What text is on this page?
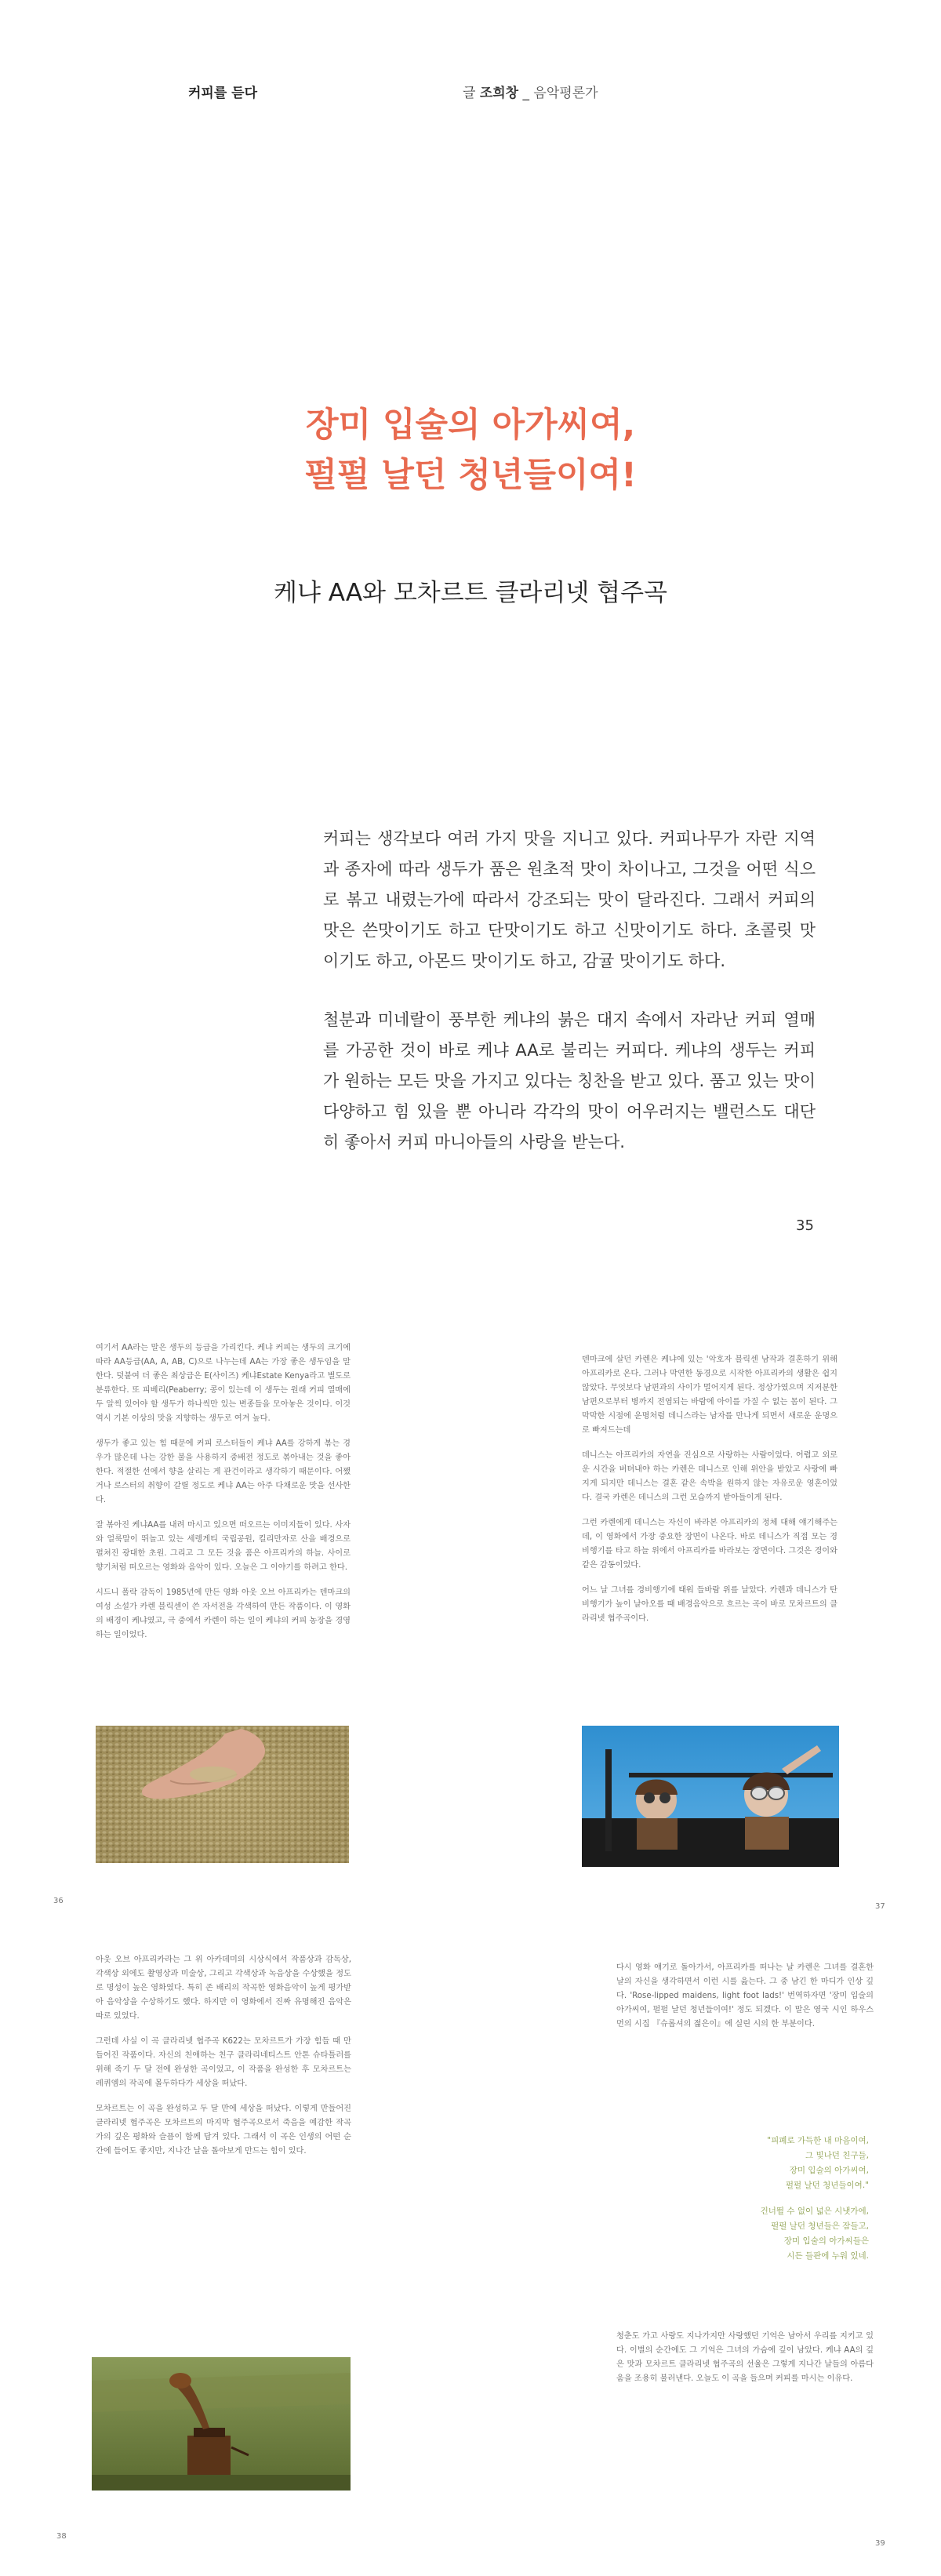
커피를 듣다	글 조희창 _ 음악평론가
장미 입술의 아가씨여,
펄펄 날던 청년들이여!
케냐 AA와 모차르트 클라리넷 협주곡

커피는 생각보다 여러 가지 맛을 지니고 있다. 커피나무가 자란 지역과 종자에 따라 생두가 품은 원초적 맛이 차이나고, 그것을 어떤 식으로 볶고 내렸는가에 따라서 강조되는 맛이 달라진다. 그래서 커피의 맛은 쓴맛이기도 하고 단맛이기도 하고 신맛이기도 하다. 초콜릿 맛이기도 하고, 아몬드 맛이기도 하고, 감귤 맛이기도 하다.

철분과 미네랄이 풍부한 케냐의 붉은 대지 속에서 자라난 커피 열매를 가공한 것이 바로 케냐 AA로 불리는 커피다. 케냐의 생두는 커피가 원하는 모든 맛을 가지고 있다는 칭찬을 받고 있다. 품고 있는 맛이 다양하고 힘 있을 뿐 아니라 각각의 맛이 어우러지는 밸런스도 대단히 좋아서 커피 마니아들의 사랑을 받는다.

35

여기서 AA라는 말은 생두의 등급을 가리킨다. 케냐 커피는 생두의 크기에 따라 AA등급(AA, A, AB, C)으로 나누는데 AA는 가장 좋은 생두임을 말한다. 덧붙여 더 좋은 최상급은 E(사이즈) 케냐Estate Kenya라고 별도로 분류한다. 또 피베리(Peaberry; 콩이 있는데 이 생두는 원래 커피 열매에 두 알씩 있어야 할 생두가 하나씩만 있는 변종들을 모아놓은 것이다. 이것 역시 기본 이상의 맛을 지향하는 생두로 여겨 높다.

생두가 좋고 있는 힘 때문에 커피 로스터들이 케냐 AA를 강하게 볶는 경우가 많은데 나는 강한 불을 사용하지 중배전 정도로 볶아내는 것을 좋아한다. 적절한 선에서 향을 살리는 게 관건이라고 생각하기 때문이다. 어쨌거나 로스터의 취향이 갈릴 정도로 케냐 AA는 아주 다채로운 맛을 선사한다.

잘 볶아진 케냐AA를 내려 마시고 있으면 떠오르는 이미지들이 있다. 사자와 얼룩말이 뛰놀고 있는 세렝게티 국립공원, 킬리만자로 산을 배경으로 펼쳐진 광대한 초원. 그리고 그 모든 것을 품은 아프리카의 하늘. 사이로 향기처럼 떠오르는 영화와 음악이 있다. 오늘은 그 이야기를 하려고 한다.

시드니 폴락 감독이 1985년에 만든 영화 아웃 오브 아프리카는 덴마크의 여성 소설가 카렌 블릭센이 쓴 자서전을 각색하여 만든 작품이다. 이 영화의 배경이 케냐였고, 극 중에서 카렌이 하는 일이 케냐의 커피 농장을 경영하는 일이었다.

36

덴마크에 살던 카렌은 케냐에 있는 '악호자 블릭센 남작과 결혼하기 위해 아프리카로 온다. 그러나 막연한 동경으로 시작한 아프리카의 생활은 쉽지 않았다. 무엇보다 남편과의 사이가 멀어지게 된다. 정상가였으며 지저분한 남편으로부터 병까지 전염되는 바람에 아이를 가질 수 없는 몸이 된다. 그 막막한 시점에 운명처럼 데니스라는 남자를 만나게 되면서 새로운 운명으로 빠져드는데

데니스는 아프리카의 자연을 진심으로 사랑하는 사람이었다. 어렵고 외로운 시간을 버텨내야 하는 카렌은 데니스로 인해 위안을 받았고 사랑에 빠지게 되지만 데니스는 결혼 같은 속박을 원하지 않는 자유로운 영혼이었다. 결국 카렌은 데니스의 그런 모습까지 받아들이게 된다.

그런 카렌에게 데니스는 자신이 바라본 아프리카의 정체 대해 얘기해주는데, 이 영화에서 가장 중요한 장면이 나온다. 바로 데니스가 직접 모는 경비행기를 타고 하늘 위에서 아프리카를 바라보는 장면이다. 그것은 경이와 같은 감동이었다.

어느 날 그녀를 경비행기에 태워 들바람 위를 날았다. 카렌과 데니스가 탄 비행기가 높이 날아오를 때 배경음악으로 흐르는 곡이 바로 모차르트의 클라리넷 협주곡이다.

37

아웃 오브 아프리카라는 그 위 아카데미의 시상식에서 작품상과 감독상, 각색상 외에도 촬영상과 미술상, 그리고 각색상과 녹음상을 수상했을 정도로 명성이 높은 영화였다. 특히 존 배리의 작곡한 영화음악이 높게 평가받아 음악상을 수상하기도 했다. 하지만 이 영화에서 진짜 유명해진 음악은 따로 있었다.

그런데 사실 이 곡 클라리넷 협주곡 K622는 모차르트가 가장 힘들 때 만들어진 작품이다. 자신의 친애하는 친구 클라리네티스트 안톤 슈타틀러를 위해 죽기 두 달 전에 완성한 곡이었고, 이 작품을 완성한 후 모차르트는 레퀴엠의 작곡에 몰두하다가 세상을 떠났다.

모차르트는 이 곡을 완성하고 두 달 만에 세상을 떠났다. 이렇게 만들어진 클라리넷 협주곡은 모차르트의 마지막 협주곡으로서 죽음을 예감한 작곡가의 깊은 평화와 슬픔이 함께 담겨 있다. 그래서 이 곡은 인생의 어떤 순간에 들어도 좋지만, 지나간 날을 돌아보게 만드는 힘이 있다.

38

다시 영화 얘기로 돌아가서, 아프리카를 떠나는 날 카렌은 그녀를 결혼한 날의 자신을 생각하면서 이런 시를 읊는다. 그 중 남긴 한 마디가 인상 깊다. 'Rose-lipped maidens, light foot lads!' 번역하자면 '장미 입술의 아가씨여, 펄펄 날던 청년들이여!' 정도 되겠다. 이 말은 영국 시인 하우스먼의 시집 『슈롭셔의 젊은이』에 실린 시의 한 부분이다.

"피폐로 가득한 내 마음이여,
그 빛나던 친구들,
장미 입술의 아가씨여,
펄펄 날던 청년들이여."

건너뛸 수 없이 넓은 시냇가에,
펄펄 날던 청년들은 잠들고,
장미 입술의 아가씨들은
시든 들판에 누워 있네.

청춘도 가고 사랑도 지나가지만 사랑했던 기억은 남아서 우리를 지키고 있다. 이별의 순간에도 그 기억은 그녀의 가슴에 깊이 남았다. 케냐 AA의 깊은 맛과 모차르트 클라리넷 협주곡의 선율은 그렇게 지나간 날들의 아름다움을 조용히 불러낸다. 오늘도 이 곡을 들으며 커피를 마시는 이유다.

39
